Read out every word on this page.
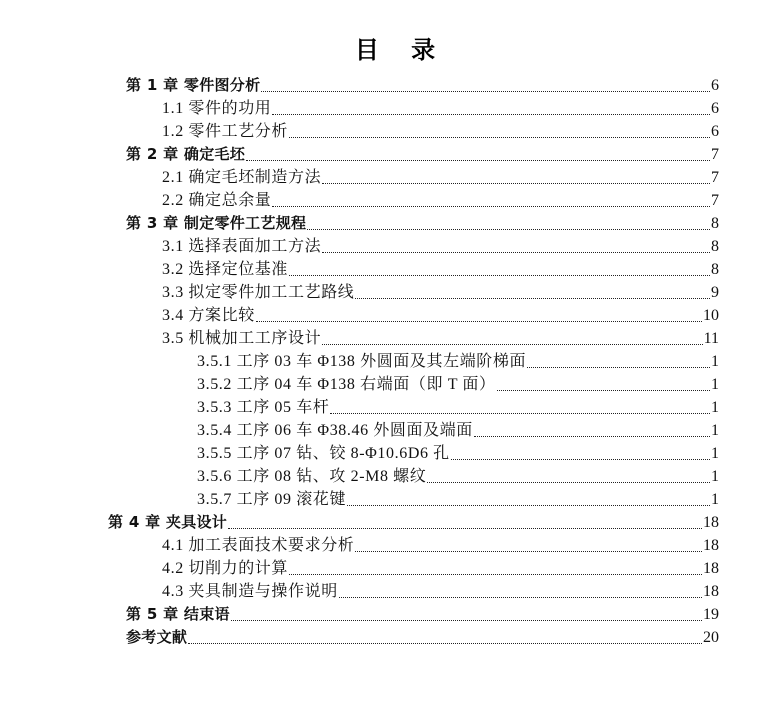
目 录
第 1 章 零件图分析	6
1.1 零件的功用	6
1.2 零件工艺分析	6
第 2 章 确定毛坯	7
2.1 确定毛坯制造方法	7
2.2 确定总余量	7
第 3 章 制定零件工艺规程	8
3.1 选择表面加工方法	8
3.2 选择定位基准	8
3.3 拟定零件加工工艺路线	9
3.4 方案比较	10
3.5 机械加工工序设计	11
3.5.1 工序 03 车 Φ138 外圆面及其左端阶梯面	1
3.5.2 工序 04 车 Φ138 右端面（即 T 面）	1
3.5.3 工序 05 车杆	1
3.5.4 工序 06 车 Φ38.46 外圆面及端面	1
3.5.5 工序 07 钻、铰 8-Φ10.6D6 孔	1
3.5.6 工序 08 钻、攻 2-M8 螺纹	1
3.5.7 工序 09 滚花键	1
第 4 章 夹具设计	18
4.1 加工表面技术要求分析	18
4.2 切削力的计算	18
4.3 夹具制造与操作说明	18
第 5 章 结束语	19
参考文献	20
